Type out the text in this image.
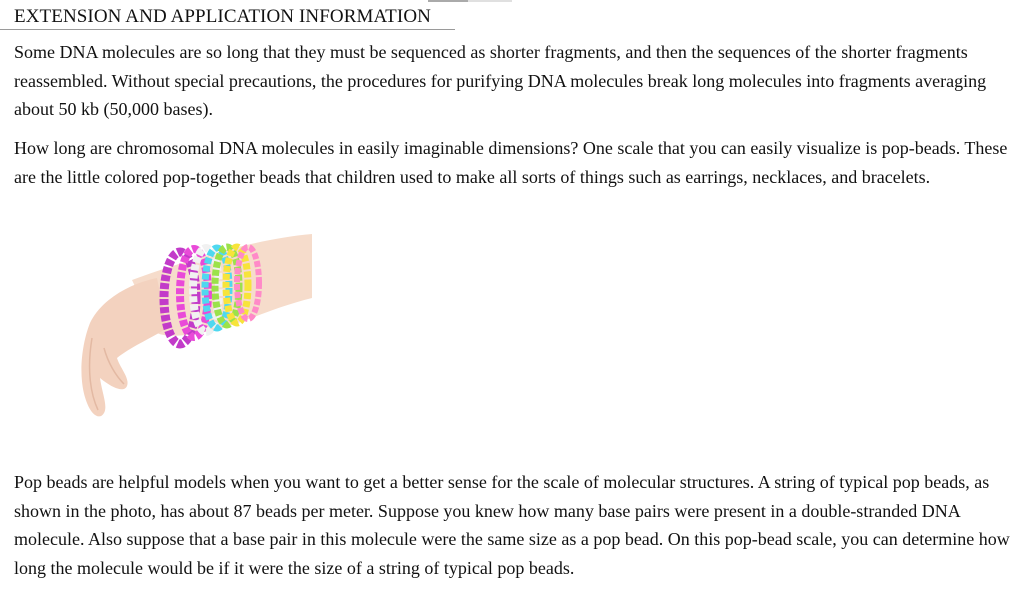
EXTENSION AND APPLICATION INFORMATION

Some DNA molecules are so long that they must be sequenced as shorter fragments, and then the sequences of the shorter fragments reassembled. Without special precautions, the procedures for purifying DNA molecules break long molecules into fragments averaging about 50 kb (50,000 bases).

How long are chromosomal DNA molecules in easily imaginable dimensions? One scale that you can easily visualize is pop-beads. These are the little colored pop-together beads that children used to make all sorts of things such as earrings, necklaces, and bracelets.

Pop beads are helpful models when you want to get a better sense for the scale of molecular structures. A string of typical pop beads, as shown in the photo, has about 87 beads per meter. Suppose you knew how many base pairs were present in a double-stranded DNA molecule. Also suppose that a base pair in this molecule were the same size as a pop bead. On this pop-bead scale, you can determine how long the molecule would be if it were the size of a string of typical pop beads.
